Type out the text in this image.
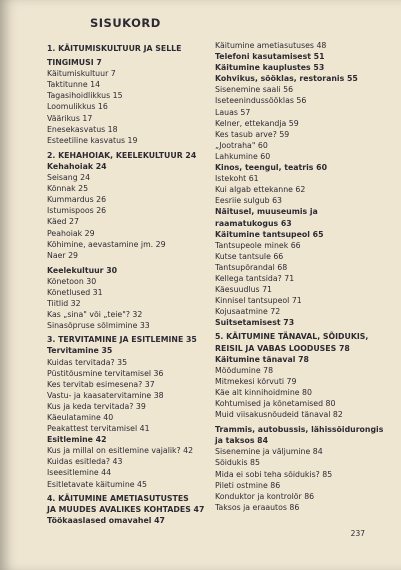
SISUKORD
1. KÄITUMISKULTUUR JA SELLE
TINGIMUSI 7
Käitumiskultuur 7
Taktitunne 14
Tagasihoidlikkus 15
Loomulikkus 16
Väärikus 17
Enesekasvatus 18
Esteetiline kasvatus 19
2. KEHAHOIAK, KEELEKULTUUR 24
Kehahoiak 24
Seisang 24
Kõnnak 25
Kummardus 26
Istumispoos 26
Käed 27
Peahoiak 29
Kõhimine, aevastamine jm. 29
Naer 29
Keelekultuur 30
Kõnetoon 30
Kõnetlused 31
Tiitlid 32
Kas „sina" või „teie"? 32
Sinasõpruse sõlmimine 33
3. TERVITAMINE JA ESITLEMINE 35
Tervitamine 35
Kuidas tervitada? 35
Püstitõusmine tervitamisel 36
Kes tervitab esimesena? 37
Vastu- ja kaasatervitamine 38
Kus ja keda tervitada? 39
Käeulatamine 40
Peakattest tervitamisel 41
Esitlemine 42
Kus ja millal on esitlemine vajalik? 42
Kuidas esitleda? 43
Iseesitlemine 44
Esitletavate käitumine 45
4. KÄITUMINE AMETIASUTUSTES
JA MUUDES AVALIKES KOHTADES 47
Töökaaslased omavahel 47
Käitumine ametiasutuses 48
Telefoni kasutamisest 51
Käitumine kauplustes 53
Kohvikus, sööklas, restoranis 55
Sisenemine saali 56
Iseteenindussööklas 56
Lauas 57
Kelner, ettekandja 59
Kes tasub arve? 59
„Jootraha" 60
Lahkumine 60
Kinos, teengul, teatris 60
Istekoht 61
Kui algab ettekanne 62
Eesriie sulgub 63
Näitusel, muuseumis ja
raamatukogus 63
Käitumine tantsupeol 65
Tantsupeole minek 66
Kutse tantsule 66
Tantsupõrandal 68
Kellega tantsida? 71
Käesuudlus 71
Kinnisel tantsupeol 71
Kojusaatmine 72
Suitsetamisest 73
5. KÄITUMINE TÄNAVAL, SÕIDUKIS,
REISIL JA VABAS LOODUSES 78
Käitumine tänaval 78
Möödumine 78
Mitmekesi kõrvuti 79
Käe alt kinnihoidmine 80
Kohtumised ja kõnetamised 80
Muid viisakusnõudeid tänaval 82
Trammis, autobussis, lähissõidurongis
ja taksos 84
Sisenemine ja väljumine 84
Sõidukis 85
Mida ei sobi teha sõidukis? 85
Pileti ostmine 86
Konduktor ja kontrolör 86
Taksos ja eraautos 86
237
